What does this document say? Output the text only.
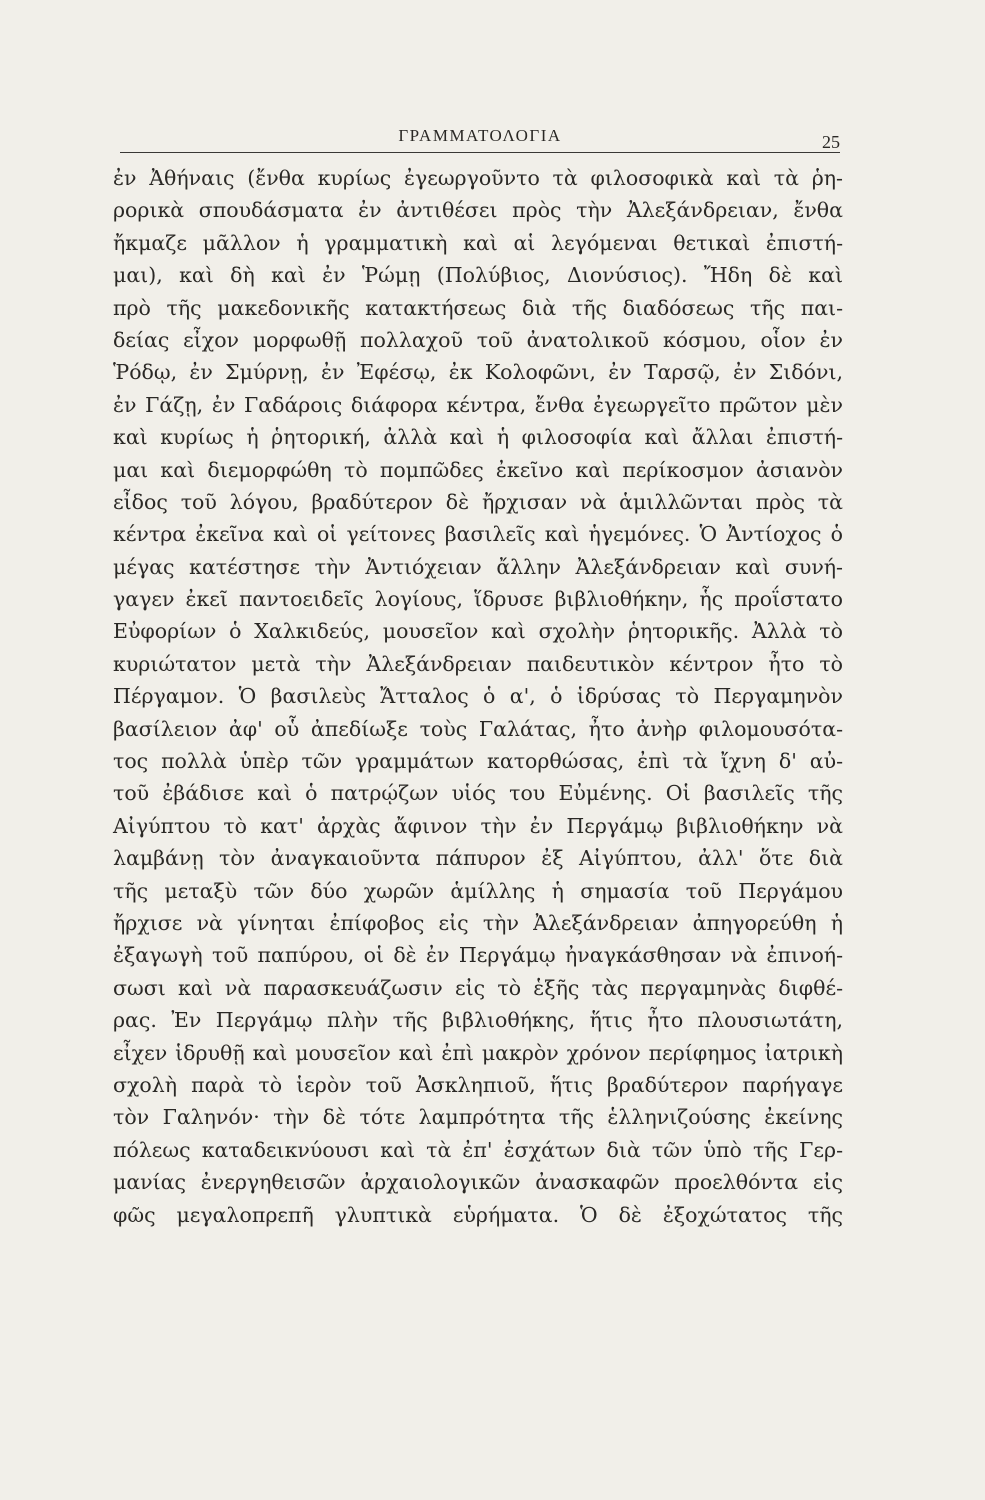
ΓΡΑΜΜΑΤΟΛΟΓΙΑ	25
ἐν Ἀθήναις (ἔνθα κυρίως ἐγεωργοῦντο τὰ φιλοσοφικὰ καὶ τὰ ῥη-
ρορικὰ σπουδάσματα ἐν ἀντιθέσει πρὸς τὴν Ἀλεξάνδρειαν, ἔνθα
ἤκμαζε μᾶλλον ἡ γραμματικὴ καὶ αἱ λεγόμεναι θετικαὶ ἐπιστή-
μαι), καὶ δὴ καὶ ἐν Ῥώμῃ (Πολύβιος, Διονύσιος). Ἤδη δὲ καὶ
πρὸ τῆς μακεδονικῆς κατακτήσεως διὰ τῆς διαδόσεως τῆς παι-
δείας εἶχον μορφωθῇ πολλαχοῦ τοῦ ἀνατολικοῦ κόσμου, οἷον ἐν
Ῥόδῳ, ἐν Σμύρνῃ, ἐν Ἐφέσῳ, ἐκ Κολοφῶνι, ἐν Ταρσῷ, ἐν Σιδόνι,
ἐν Γάζῃ, ἐν Γαδάροις διάφορα κέντρα, ἔνθα ἐγεωργεῖτο πρῶτον μὲν
καὶ κυρίως ἡ ῥητορική, ἀλλὰ καὶ ἡ φιλοσοφία καὶ ἄλλαι ἐπιστή-
μαι καὶ διεμορφώθη τὸ πομπῶδες ἐκεῖνο καὶ περίκοσμον ἀσιανὸν
εἶδος τοῦ λόγου, βραδύτερον δὲ ἤρχισαν νὰ ἁμιλλῶνται πρὸς τὰ
κέντρα ἐκεῖνα καὶ οἱ γείτονες βασιλεῖς καὶ ἡγεμόνες. Ὁ Ἀντίοχος ὁ
μέγας κατέστησε τὴν Ἀντιόχειαν ἄλλην Ἀλεξάνδρειαν καὶ συνή-
γαγεν ἐκεῖ παντοειδεῖς λογίους, ἵδρυσε βιβλιοθήκην, ἧς προΐστατο
Εὐφορίων ὁ Χαλκιδεύς, μουσεῖον καὶ σχολὴν ῥητορικῆς. Ἀλλὰ τὸ
κυριώτατον μετὰ τὴν Ἀλεξάνδρειαν παιδευτικὸν κέντρον ἦτο τὸ
Πέργαμον. Ὁ βασιλεὺς Ἄτταλος ὁ α', ὁ ἱδρύσας τὸ Περγαμηνὸν
βασίλειον ἀφ' οὗ ἀπεδίωξε τοὺς Γαλάτας, ἦτο ἀνὴρ φιλομουσότα-
τος πολλὰ ὑπὲρ τῶν γραμμάτων κατορθώσας, ἐπὶ τὰ ἴχνη δ' αὐ-
τοῦ ἐβάδισε καὶ ὁ πατρῴζων υἱός του Εὐμένης. Οἱ βασιλεῖς τῆς
Αἰγύπτου τὸ κατ' ἀρχὰς ἄφινον τὴν ἐν Περγάμῳ βιβλιοθήκην νὰ
λαμβάνῃ τὸν ἀναγκαιοῦντα πάπυρον ἐξ Αἰγύπτου, ἀλλ' ὅτε διὰ
τῆς μεταξὺ τῶν δύο χωρῶν ἁμίλλης ἡ σημασία τοῦ Περγάμου
ἤρχισε νὰ γίνηται ἐπίφοβος εἰς τὴν Ἀλεξάνδρειαν ἀπηγορεύθη ἡ
ἐξαγωγὴ τοῦ παπύρου, οἱ δὲ ἐν Περγάμῳ ἠναγκάσθησαν νὰ ἐπινοή-
σωσι καὶ νὰ παρασκευάζωσιν εἰς τὸ ἑξῆς τὰς περγαμηνὰς διφθέ-
ρας. Ἐν Περγάμῳ πλὴν τῆς βιβλιοθήκης, ἥτις ἦτο πλουσιωτάτη,
εἶχεν ἱδρυθῇ καὶ μουσεῖον καὶ ἐπὶ μακρὸν χρόνον περίφημος ἰατρικὴ
σχολὴ παρὰ τὸ ἱερὸν τοῦ Ἀσκληπιοῦ, ἥτις βραδύτερον παρήγαγε
τὸν Γαληνόν· τὴν δὲ τότε λαμπρότητα τῆς ἑλληνιζούσης ἐκείνης
πόλεως καταδεικνύουσι καὶ τὰ ἐπ' ἐσχάτων διὰ τῶν ὑπὸ τῆς Γερ-
μανίας ἐνεργηθεισῶν ἀρχαιολογικῶν ἀνασκαφῶν προελθόντα εἰς
φῶς μεγαλοπρεπῆ γλυπτικὰ εὑρήματα. Ὁ δὲ ἐξοχώτατος τῆς
